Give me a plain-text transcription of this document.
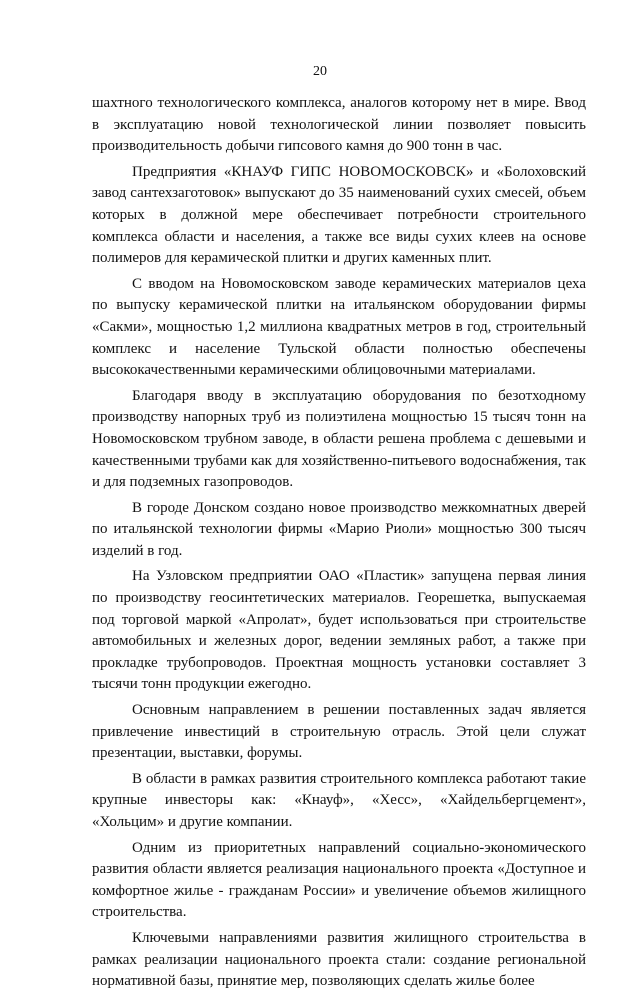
20

шахтного технологического комплекса, аналогов которому нет в мире. Ввод в эксплуатацию новой технологической линии позволяет повысить производительность добычи гипсового камня до 900 тонн в час.

Предприятия «КНАУФ ГИПС НОВОМОСКОВСК» и «Болоховский завод сантехзаготовок» выпускают до 35 наименований сухих смесей, объем которых в должной мере обеспечивает потребности строительного комплекса области и населения, а также все виды сухих клеев на основе полимеров для керамической плитки и других каменных плит.

С вводом на Новомосковском заводе керамических материалов цеха по выпуску керамической плитки на итальянском оборудовании фирмы «Сакми», мощностью 1,2 миллиона квадратных метров в год, строительный комплекс и население Тульской области полностью обеспечены высококачественными керамическими облицовочными материалами.

Благодаря вводу в эксплуатацию оборудования по безотходному производству напорных труб из полиэтилена мощностью 15 тысяч тонн на Новомосковском трубном заводе, в области решена проблема с дешевыми и качественными трубами как для хозяйственно-питьевого водоснабжения, так и для подземных газопроводов.

В городе Донском создано новое производство межкомнатных дверей по итальянской технологии фирмы «Марио Риоли» мощностью 300 тысяч изделий в год.

На Узловском предприятии ОАО «Пластик» запущена первая линия по производству геосинтетических материалов. Георешетка, выпускаемая под торговой маркой «Апролат», будет использоваться при строительстве автомобильных и железных дорог, ведении земляных работ, а также при прокладке трубопроводов. Проектная мощность установки составляет 3 тысячи тонн продукции ежегодно.

Основным направлением в решении поставленных задач является привлечение инвестиций в строительную отрасль. Этой цели служат презентации, выставки, форумы.

В области в рамках развития строительного комплекса работают такие крупные инвесторы как: «Кнауф», «Хесс», «Хайдельбергцемент», «Хольцим» и другие компании.

Одним из приоритетных направлений социально-экономического развития области является реализация национального проекта «Доступное и комфортное жилье - гражданам России» и увеличение объемов жилищного строительства.

Ключевыми направлениями развития жилищного строительства в рамках реализации национального проекта стали: создание региональной нормативной базы, принятие мер, позволяющих сделать жилье более
